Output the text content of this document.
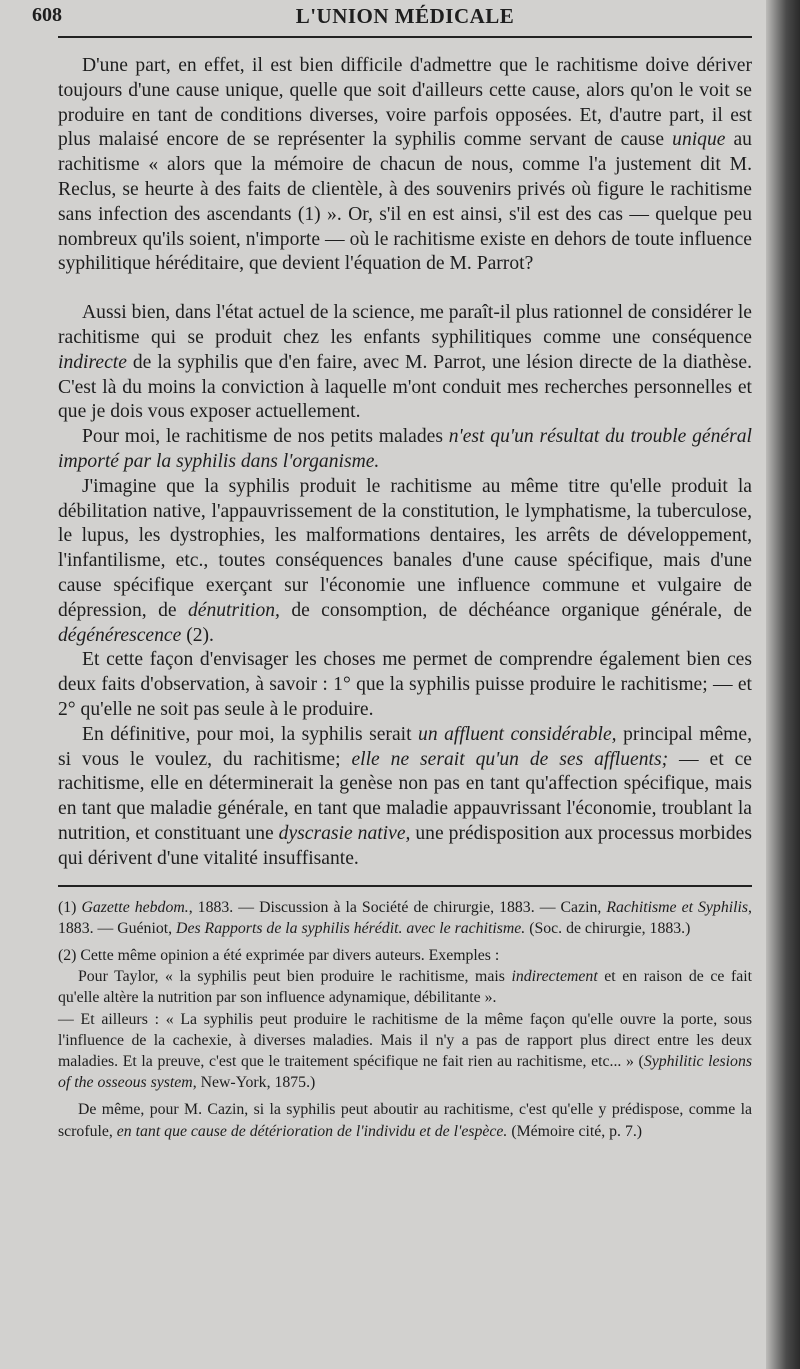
608	L'UNION MÉDICALE

D'une part, en effet, il est bien difficile d'admettre que le rachitisme doive dériver toujours d'une cause unique, quelle que soit d'ailleurs cette cause, alors qu'on le voit se produire en tant de conditions diverses, voire parfois opposées. Et, d'autre part, il est plus malaisé encore de se représenter la syphilis comme servant de cause unique au rachitisme « alors que la mémoire de chacun de nous, comme l'a justement dit M. Reclus, se heurte à des faits de clientèle, à des souvenirs privés où figure le rachitisme sans infection des ascendants (1) ». Or, s'il en est ainsi, s'il est des cas — quelque peu nombreux qu'ils soient, n'importe — où le rachitisme existe en dehors de toute influence syphilitique héréditaire, que devient l'équation de M. Parrot?

Aussi bien, dans l'état actuel de la science, me paraît-il plus rationnel de considérer le rachitisme qui se produit chez les enfants syphilitiques comme une conséquence indirecte de la syphilis que d'en faire, avec M. Parrot, une lésion directe de la diathèse. C'est là du moins la conviction à laquelle m'ont conduit mes recherches personnelles et que je dois vous exposer actuellement.

Pour moi, le rachitisme de nos petits malades n'est qu'un résultat du trouble général importé par la syphilis dans l'organisme.

J'imagine que la syphilis produit le rachitisme au même titre qu'elle produit la débilitation native, l'appauvrissement de la constitution, le lymphatisme, la tuberculose, le lupus, les dystrophies, les malformations dentaires, les arrêts de développement, l'infantilisme, etc., toutes conséquences banales d'une cause spécifique, mais d'une cause spécifique exerçant sur l'économie une influence commune et vulgaire de dépression, de dénutrition, de consomption, de déchéance organique générale, de dégénérescence (2).

Et cette façon d'envisager les choses me permet de comprendre également bien ces deux faits d'observation, à savoir : 1° que la syphilis puisse produire le rachitisme; — et 2° qu'elle ne soit pas seule à le produire.

En définitive, pour moi, la syphilis serait un affluent considérable, principal même, si vous le voulez, du rachitisme; elle ne serait qu'un de ses affluents; — et ce rachitisme, elle en déterminerait la genèse non pas en tant qu'affection spécifique, mais en tant que maladie générale, en tant que maladie appauvrissant l'économie, troublant la nutrition, et constituant une dyscrasie native, une prédisposition aux processus morbides qui dérivent d'une vitalité insuffisante.

(1) Gazette hebdom., 1883. — Discussion à la Société de chirurgie, 1883. — Cazin, Rachitisme et Syphilis, 1883. — Guéniot, Des Rapports de la syphilis hérédit. avec le rachitisme. (Soc. de chirurgie, 1883.)

(2) Cette même opinion a été exprimée par divers auteurs. Exemples :

Pour Taylor, « la syphilis peut bien produire le rachitisme, mais indirectement et en raison de ce fait qu'elle altère la nutrition par son influence adynamique, débilitante ».

— Et ailleurs : « La syphilis peut produire le rachitisme de la même façon qu'elle ouvre la porte, sous l'influence de la cachexie, à diverses maladies. Mais il n'y a pas de rapport plus direct entre les deux maladies. Et la preuve, c'est que le traitement spécifique ne fait rien au rachitisme, etc... » (Syphilitic lesions of the osseous system, New-York, 1875.)

De même, pour M. Cazin, si la syphilis peut aboutir au rachitisme, c'est qu'elle y prédispose, comme la scrofule, en tant que cause de détérioration de l'individu et de l'espèce. (Mémoire cité, p. 7.)
